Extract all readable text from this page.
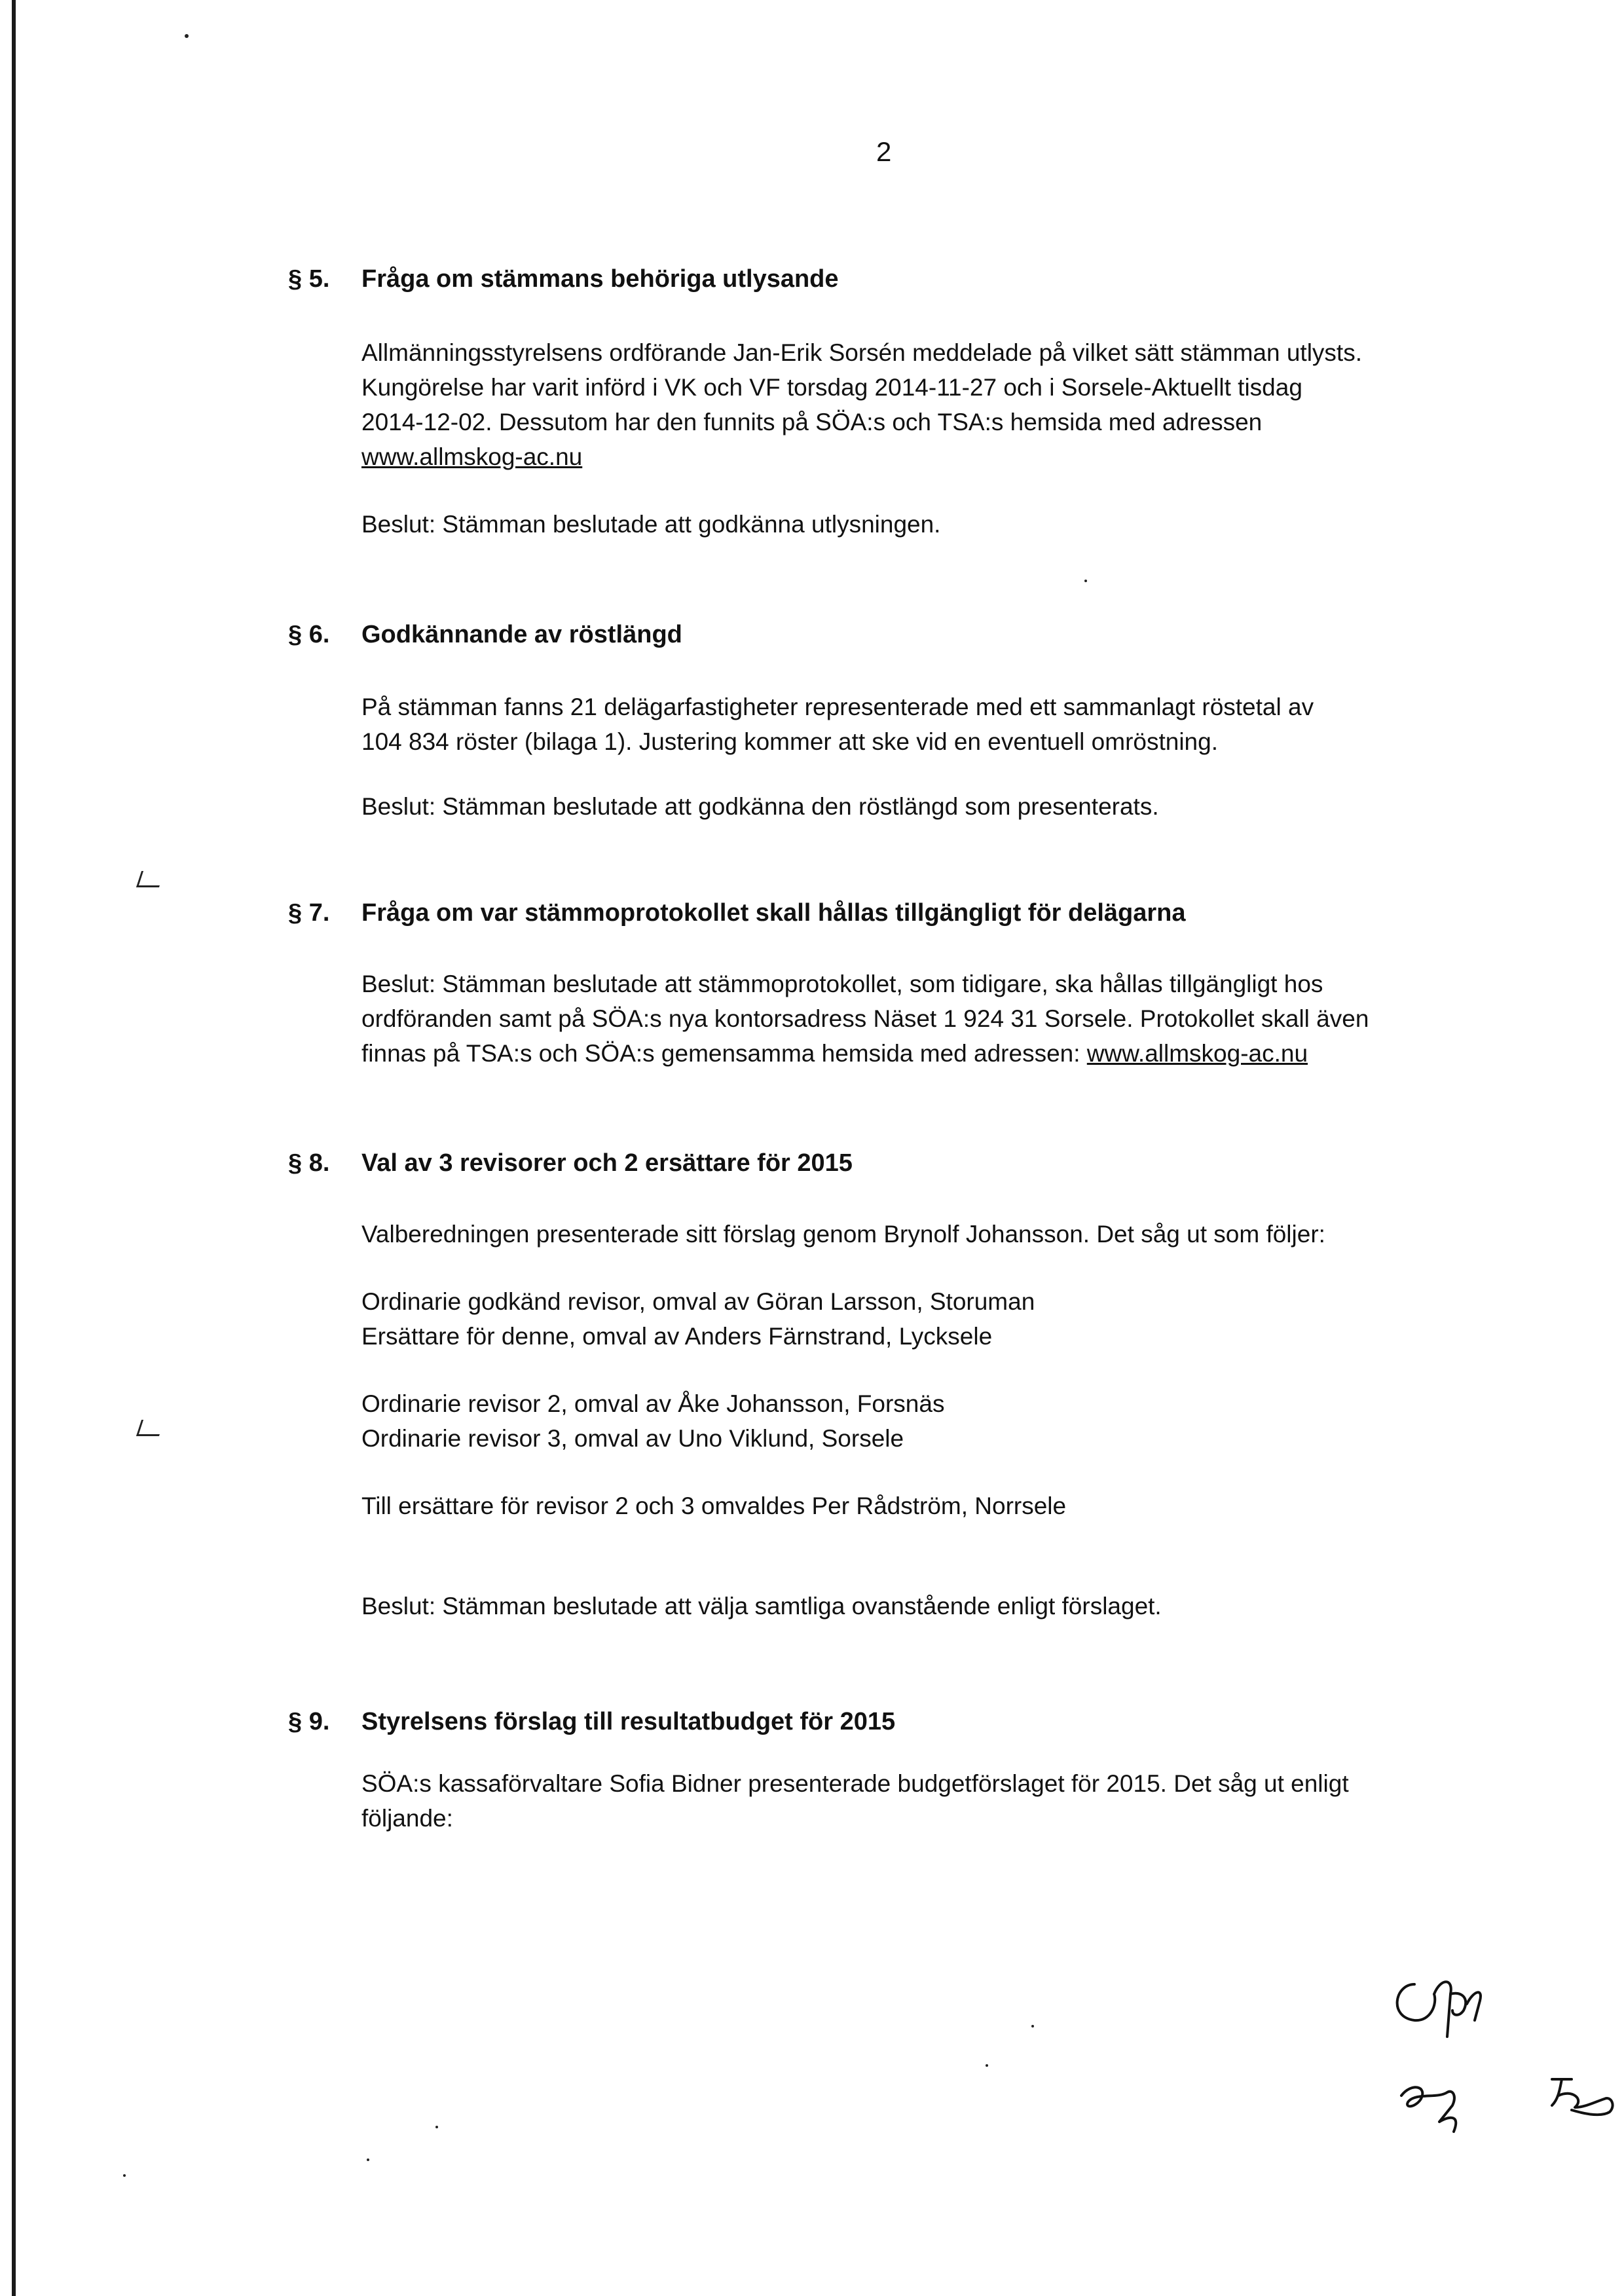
2
§ 5.	Fråga om stämmans behöriga utlysande
Allmänningsstyrelsens ordförande Jan-Erik Sorsén meddelade på vilket sätt stämman utlysts.
Kungörelse har varit införd i VK och VF torsdag 2014-11-27 och i Sorsele-Aktuellt tisdag
2014-12-02. Dessutom har den funnits på SÖA:s och TSA:s hemsida med adressen
www.allmskog-ac.nu
Beslut: Stämman beslutade att godkänna utlysningen.
§ 6.	Godkännande av röstlängd
På stämman fanns 21 delägarfastigheter representerade med ett sammanlagt röstetal av
104 834 röster (bilaga 1). Justering kommer att ske vid en eventuell omröstning.
Beslut: Stämman beslutade att godkänna den röstlängd som presenterats.
§ 7.	Fråga om var stämmoprotokollet skall hållas tillgängligt för delägarna
Beslut: Stämman beslutade att stämmoprotokollet, som tidigare, ska hållas tillgängligt hos
ordföranden samt på SÖA:s nya kontorsadress Näset 1 924 31 Sorsele. Protokollet skall även
finnas på TSA:s och SÖA:s gemensamma hemsida med adressen: www.allmskog-ac.nu
§ 8.	Val av 3 revisorer och 2 ersättare för 2015
Valberedningen presenterade sitt förslag genom Brynolf Johansson. Det såg ut som följer:
Ordinarie godkänd revisor, omval av Göran Larsson, Storuman
Ersättare för denne, omval av Anders Färnstrand, Lycksele
Ordinarie revisor 2, omval av Åke Johansson, Forsnäs
Ordinarie revisor 3, omval av Uno Viklund, Sorsele
Till ersättare för revisor 2 och 3 omvaldes Per Rådström, Norrsele
Beslut: Stämman beslutade att välja samtliga ovanstående enligt förslaget.
§ 9.	Styrelsens förslag till resultatbudget för 2015
SÖA:s kassaförvaltare Sofia Bidner presenterade budgetförslaget för 2015. Det såg ut enligt
följande:
